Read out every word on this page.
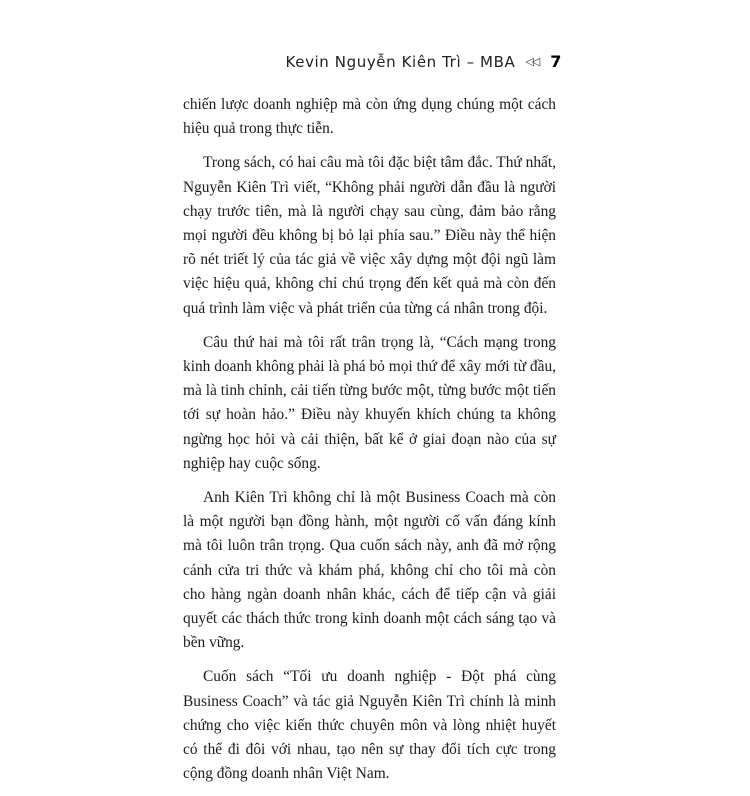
Kevin Nguyễn Kiên Trì – MBA ◁◁ 7

chiến lược doanh nghiệp mà còn ứng dụng chúng một cách hiệu quả trong thực tiễn.

Trong sách, có hai câu mà tôi đặc biệt tâm đắc. Thứ nhất, Nguyễn Kiên Trì viết, “Không phải người dẫn đầu là người chạy trước tiên, mà là người chạy sau cùng, đảm bảo rằng mọi người đều không bị bỏ lại phía sau.” Điều này thể hiện rõ nét triết lý của tác giả về việc xây dựng một đội ngũ làm việc hiệu quả, không chỉ chú trọng đến kết quả mà còn đến quá trình làm việc và phát triển của từng cá nhân trong đội.

Câu thứ hai mà tôi rất trân trọng là, “Cách mạng trong kinh doanh không phải là phá bỏ mọi thứ để xây mới từ đầu, mà là tinh chỉnh, cải tiến từng bước một, từng bước một tiến tới sự hoàn hảo.” Điều này khuyến khích chúng ta không ngừng học hỏi và cải thiện, bất kể ở giai đoạn nào của sự nghiệp hay cuộc sống.

Anh Kiên Trì không chỉ là một Business Coach mà còn là một người bạn đồng hành, một người cố vấn đáng kính mà tôi luôn trân trọng. Qua cuốn sách này, anh đã mở rộng cánh cửa tri thức và khám phá, không chỉ cho tôi mà còn cho hàng ngàn doanh nhân khác, cách để tiếp cận và giải quyết các thách thức trong kinh doanh một cách sáng tạo và bền vững.

Cuốn sách “Tối ưu doanh nghiệp - Đột phá cùng Business Coach” và tác giả Nguyễn Kiên Trì chính là minh chứng cho việc kiến thức chuyên môn và lòng nhiệt huyết có thể đi đôi với nhau, tạo nên sự thay đổi tích cực trong cộng đồng doanh nhân Việt Nam.
